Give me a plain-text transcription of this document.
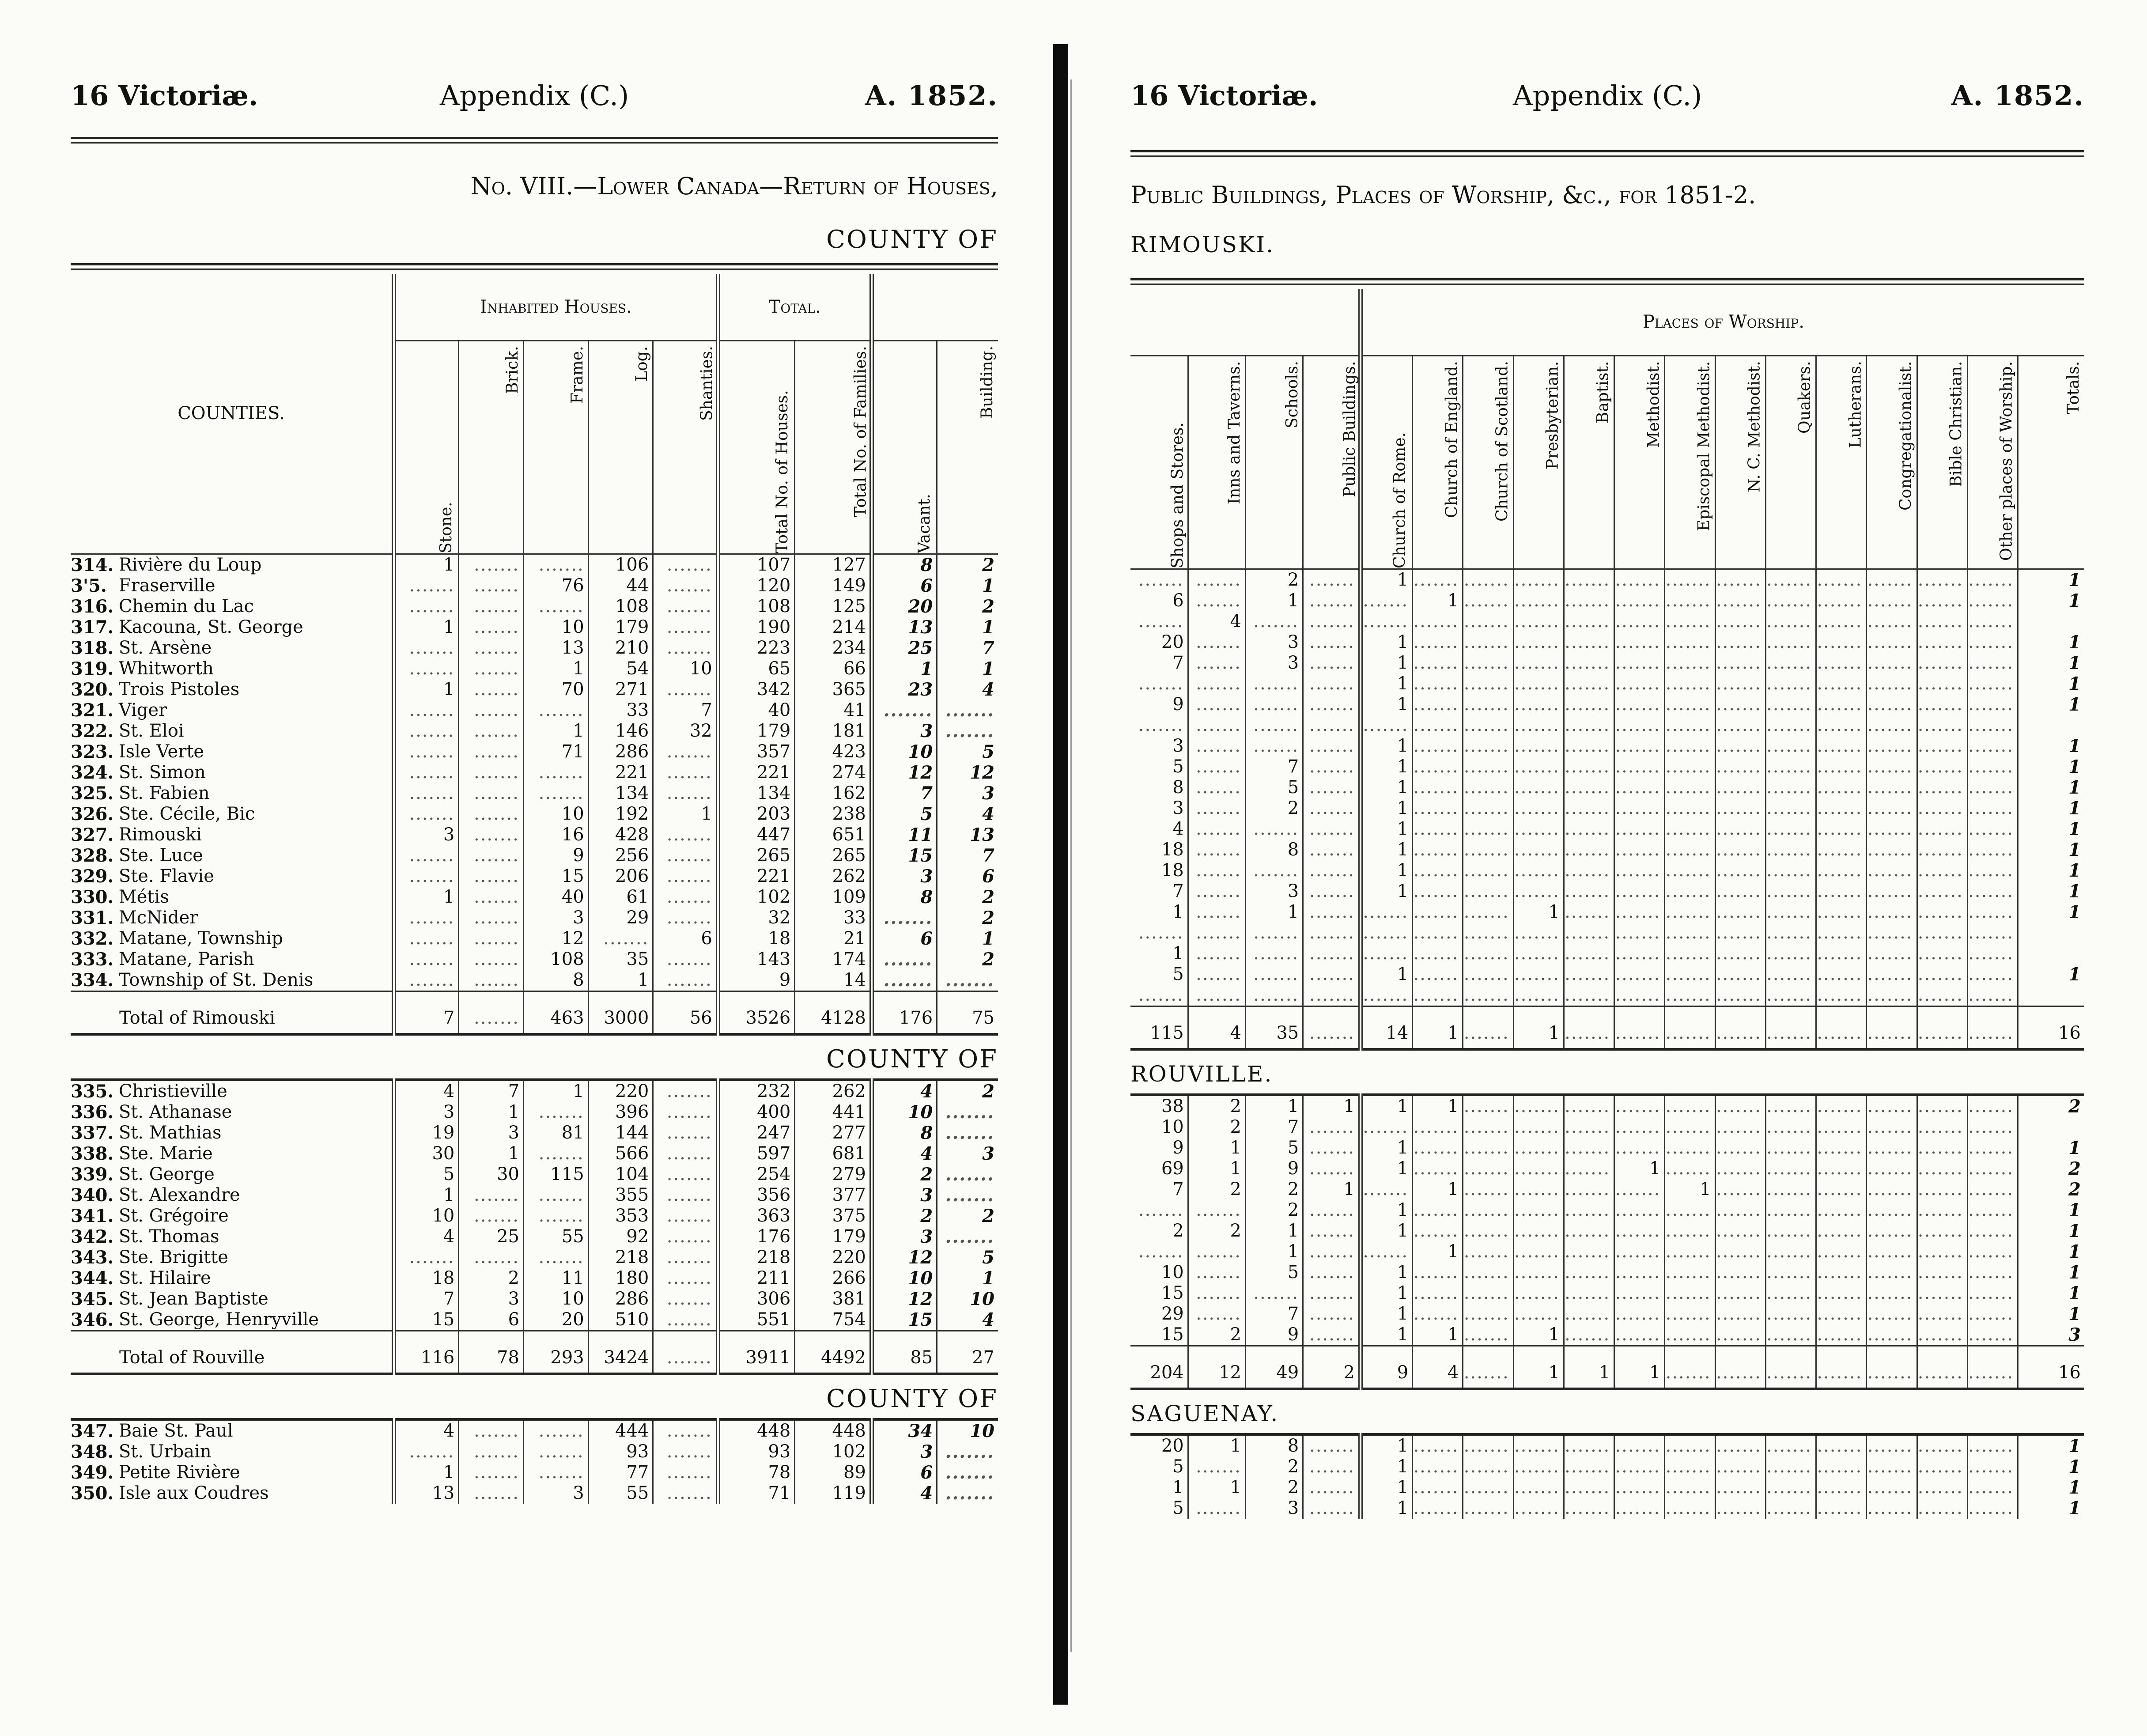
16 Victoriæ.	Appendix (C.)	A. 1852.
No. VIII.—Lower Canada—Return of Houses,
COUNTY OF
COUNTIES.		Inhabited Houses.					Total.			
		Stone.	Brick.	Frame.	Log.	Shanties.	Total No. of Houses.	Total No. of Families.	Vacant.	Building.
314.	Rivière du Loup	1	.......	.......	106	.......	107	127	8	2
3'5.	Fraserville	.......	.......	76	44	.......	120	149	6	1
316.	Chemin du Lac	.......	.......	.......	108	.......	108	125	20	2
317.	Kacouna, St. George	1	.......	10	179	.......	190	214	13	1
318.	St. Arsène	.......	.......	13	210	.......	223	234	25	7
319.	Whitworth	.......	.......	1	54	10	65	66	1	1
320.	Trois Pistoles	1	.......	70	271	.......	342	365	23	4
321.	Viger	.......	.......	.......	33	7	40	41	.......	.......
322.	St. Eloi	.......	.......	1	146	32	179	181	3	.......
323.	Isle Verte	.......	.......	71	286	.......	357	423	10	5
324.	St. Simon	.......	.......	.......	221	.......	221	274	12	12
325.	St. Fabien	.......	.......	.......	134	.......	134	162	7	3
326.	Ste. Cécile, Bic	.......	.......	10	192	1	203	238	5	4
327.	Rimouski	3	.......	16	428	.......	447	651	11	13
328.	Ste. Luce	.......	.......	9	256	.......	265	265	15	7
329.	Ste. Flavie	.......	.......	15	206	.......	221	262	3	6
330.	Métis	1	.......	40	61	.......	102	109	8	2
331.	McNider	.......	.......	3	29	.......	32	33	.......	2
332.	Matane, Township	.......	.......	12	.......	6	18	21	6	1
333.	Matane, Parish	.......	.......	108	35	.......	143	174	.......	2
334.	Township of St. Denis	.......	.......	8	1	.......	9	14	.......	.......
Total of Rimouski		7	.......	463	3000	56	3526	4128	176	75
COUNTY OF										
335.	Christieville	4	7	1	220	.......	232	262	4	2
336.	St. Athanase	3	1	.......	396	.......	400	441	10	.......
337.	St. Mathias	19	3	81	144	.......	247	277	8	.......
338.	Ste. Marie	30	1	.......	566	.......	597	681	4	3
339.	St. George	5	30	115	104	.......	254	279	2	.......
340.	St. Alexandre	1	.......	.......	355	.......	356	377	3	.......
341.	St. Grégoire	10	.......	.......	353	.......	363	375	2	2
342.	St. Thomas	4	25	55	92	.......	176	179	3	.......
343.	Ste. Brigitte	.......	.......	.......	218	.......	218	220	12	5
344.	St. Hilaire	18	2	11	180	.......	211	266	10	1
345.	St. Jean Baptiste	7	3	10	286	.......	306	381	12	10
346.	St. George, Henryville	15	6	20	510	.......	551	754	15	4
Total of Rouville		116	78	293	3424	.......	3911	4492	85	27
COUNTY OF										
347.	Baie St. Paul	4	.......	.......	444	.......	448	448	34	10
348.	St. Urbain	.......	.......	.......	93	.......	93	102	3	.......
349.	Petite Rivière	1	.......	.......	77	.......	78	89	6	.......
350.	Isle aux Coudres	13	.......	3	55	.......	71	119	4	.......
16 Victoriæ.	Appendix (C.)	A. 1852.
Public Buildings, Places of Worship, &c., for 1851-2.
RIMOUSKI.
				Places of Worship.													
Shops and Stores.	Inns and Taverns.	Schools.	Public Buildings.	Church of Rome.	Church of England.	Church of Scotland.	Presbyterian.	Baptist.	Methodist.	Episcopal Methodist.	N. C. Methodist.	Quakers.	Lutherans.	Congregationalist.	Bible Christian.	Other places of Worship.	Totals.
.......	.......	2	.......	1	.......	.......	.......	.......	.......	.......	.......	.......	.......	.......	.......	.......	1
6	.......	1	.......	.......	1	.......	.......	.......	.......	.......	.......	.......	.......	.......	.......	.......	1
.......	4	.......	.......	.......	.......	.......	.......	.......	.......	.......	.......	.......	.......	.......	.......	.......	
20	.......	3	.......	1	.......	.......	.......	.......	.......	.......	.......	.......	.......	.......	.......	.......	1
7	.......	3	.......	1	.......	.......	.......	.......	.......	.......	.......	.......	.......	.......	.......	.......	1
.......	.......	.......	.......	1	.......	.......	.......	.......	.......	.......	.......	.......	.......	.......	.......	.......	1
9	.......	.......	.......	1	.......	.......	.......	.......	.......	.......	.......	.......	.......	.......	.......	.......	1
.......	.......	.......	.......	.......	.......	.......	.......	.......	.......	.......	.......	.......	.......	.......	.......	.......	
3	.......	.......	.......	1	.......	.......	.......	.......	.......	.......	.......	.......	.......	.......	.......	.......	1
5	.......	7	.......	1	.......	.......	.......	.......	.......	.......	.......	.......	.......	.......	.......	.......	1
8	.......	5	.......	1	.......	.......	.......	.......	.......	.......	.......	.......	.......	.......	.......	.......	1
3	.......	2	.......	1	.......	.......	.......	.......	.......	.......	.......	.......	.......	.......	.......	.......	1
4	.......	.......	.......	1	.......	.......	.......	.......	.......	.......	.......	.......	.......	.......	.......	.......	1
18	.......	8	.......	1	.......	.......	.......	.......	.......	.......	.......	.......	.......	.......	.......	.......	1
18	.......	.......	.......	1	.......	.......	.......	.......	.......	.......	.......	.......	.......	.......	.......	.......	1
7	.......	3	.......	1	.......	.......	.......	.......	.......	.......	.......	.......	.......	.......	.......	.......	1
1	.......	1	.......	.......	.......	.......	1	.......	.......	.......	.......	.......	.......	.......	.......	.......	1
.......	.......	.......	.......	.......	.......	.......	.......	.......	.......	.......	.......	.......	.......	.......	.......	.......	
1	.......	.......	.......	.......	.......	.......	.......	.......	.......	.......	.......	.......	.......	.......	.......	.......	
5	.......	.......	.......	1	.......	.......	.......	.......	.......	.......	.......	.......	.......	.......	.......	.......	1
.......	.......	.......	.......	.......	.......	.......	.......	.......	.......	.......	.......	.......	.......	.......	.......	.......	
115	4	35	.......	14	1	.......	1	.......	.......	.......	.......	.......	.......	.......	.......	.......	16
ROUVILLE.																	
38	2	1	1	1	1	.......	.......	.......	.......	.......	.......	.......	.......	.......	.......	.......	2
10	2	7	.......	.......	.......	.......	.......	.......	.......	.......	.......	.......	.......	.......	.......	.......	
9	1	5	.......	1	.......	.......	.......	.......	.......	.......	.......	.......	.......	.......	.......	.......	1
69	1	9	.......	1	.......	.......	.......	.......	1	.......	.......	.......	.......	.......	.......	.......	2
7	2	2	1	.......	1	.......	.......	.......	.......	1	.......	.......	.......	.......	.......	.......	2
.......	.......	2	.......	1	.......	.......	.......	.......	.......	.......	.......	.......	.......	.......	.......	.......	1
2	2	1	.......	1	.......	.......	.......	.......	.......	.......	.......	.......	.......	.......	.......	.......	1
.......	.......	1	.......	.......	1	.......	.......	.......	.......	.......	.......	.......	.......	.......	.......	.......	1
10	.......	5	.......	1	.......	.......	.......	.......	.......	.......	.......	.......	.......	.......	.......	.......	1
15	.......	.......	.......	1	.......	.......	.......	.......	.......	.......	.......	.......	.......	.......	.......	.......	1
29	.......	7	.......	1	.......	.......	.......	.......	.......	.......	.......	.......	.......	.......	.......	.......	1
15	2	9	.......	1	1	.......	1	.......	.......	.......	.......	.......	.......	.......	.......	.......	3
204	12	49	2	9	4	.......	1	1	1	.......	.......	.......	.......	.......	.......	.......	16
SAGUENAY.																	
20	1	8	.......	1	.......	.......	.......	.......	.......	.......	.......	.......	.......	.......	.......	.......	1
5	.......	2	.......	1	.......	.......	.......	.......	.......	.......	.......	.......	.......	.......	.......	.......	1
1	1	2	.......	1	.......	.......	.......	.......	.......	.......	.......	.......	.......	.......	.......	.......	1
5	.......	3	.......	1	.......	.......	.......	.......	.......	.......	.......	.......	.......	.......	.......	.......	1
